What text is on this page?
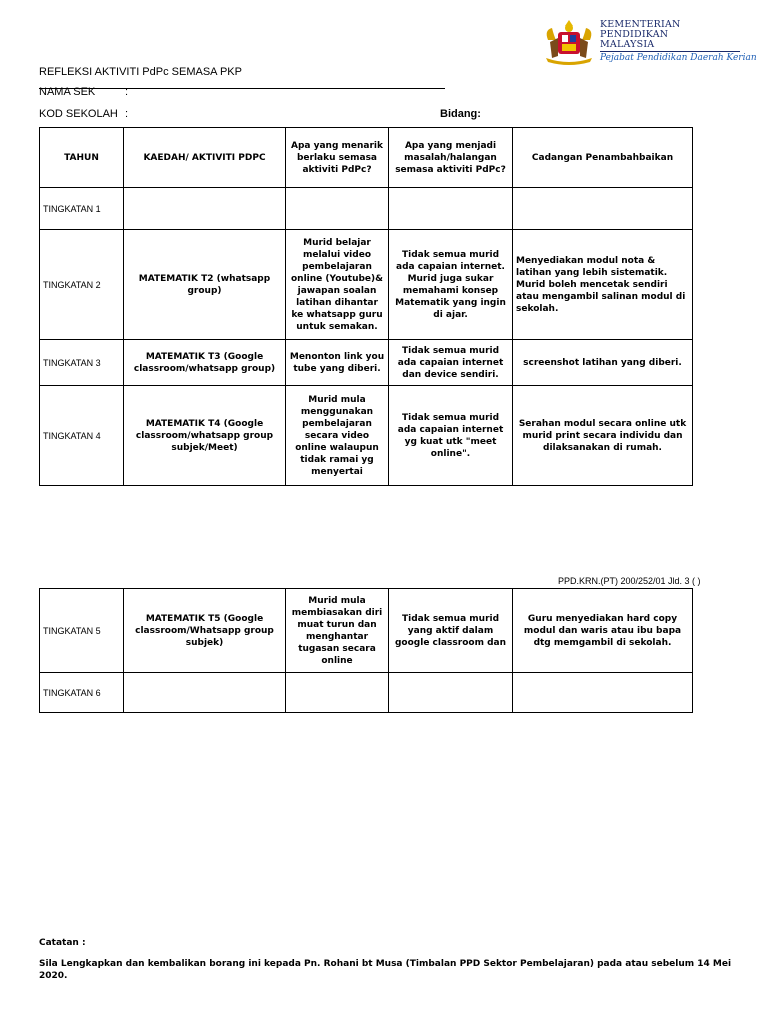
KEMENTERIAN
PENDIDIKAN
MALAYSIA
Pejabat Pendidikan Daerah Kerian
REFLEKSI AKTIVITI PdPc SEMASA PKP
NAMA SEK	:
KOD SEKOLAH :	Bidang:
TAHUN	KAEDAH/ AKTIVITI PDPC	Apa yang menarik berlaku semasa aktiviti PdPc?	Apa yang menjadi masalah/halangan semasa aktiviti PdPc?	Cadangan Penambahbaikan
TINGKATAN 1				
TINGKATAN 2	MATEMATIK T2 (whatsapp group)	Murid belajar melalui video pembelajaran online (Youtube)& jawapan soalan latihan dihantar ke whatsapp guru untuk semakan.	Tidak semua murid ada capaian internet. Murid juga sukar memahami konsep Matematik yang ingin di ajar.	Menyediakan modul nota & latihan yang lebih sistematik. Murid boleh mencetak sendiri atau mengambil salinan modul di sekolah.
TINGKATAN 3	MATEMATIK T3 (Google classroom/whatsapp group)	Menonton link you tube yang diberi.	Tidak semua murid ada capaian internet dan device sendiri.	screenshot latihan yang diberi.
TINGKATAN 4	MATEMATIK T4 (Google classroom/whatsapp group subjek/Meet)	Murid mula menggunakan pembelajaran secara video online walaupun tidak ramai yg menyertai	Tidak semua murid ada capaian internet yg kuat utk "meet online".	Serahan modul secara online utk murid print secara individu dan dilaksanakan di rumah.
PPD.KRN.(PT) 200/252/01 Jld. 3 ( )
TINGKATAN 5	MATEMATIK T5 (Google classroom/Whatsapp group subjek)	Murid mula membiasakan diri muat turun dan menghantar tugasan secara online	Tidak semua murid yang aktif dalam google classroom dan	Guru menyediakan hard copy modul dan waris atau ibu bapa dtg memgambil di sekolah.
TINGKATAN 6				
Catatan :
Sila Lengkapkan dan kembalikan borang ini kepada Pn. Rohani bt Musa (Timbalan PPD Sektor Pembelajaran) pada atau sebelum 14 Mei 2020.
